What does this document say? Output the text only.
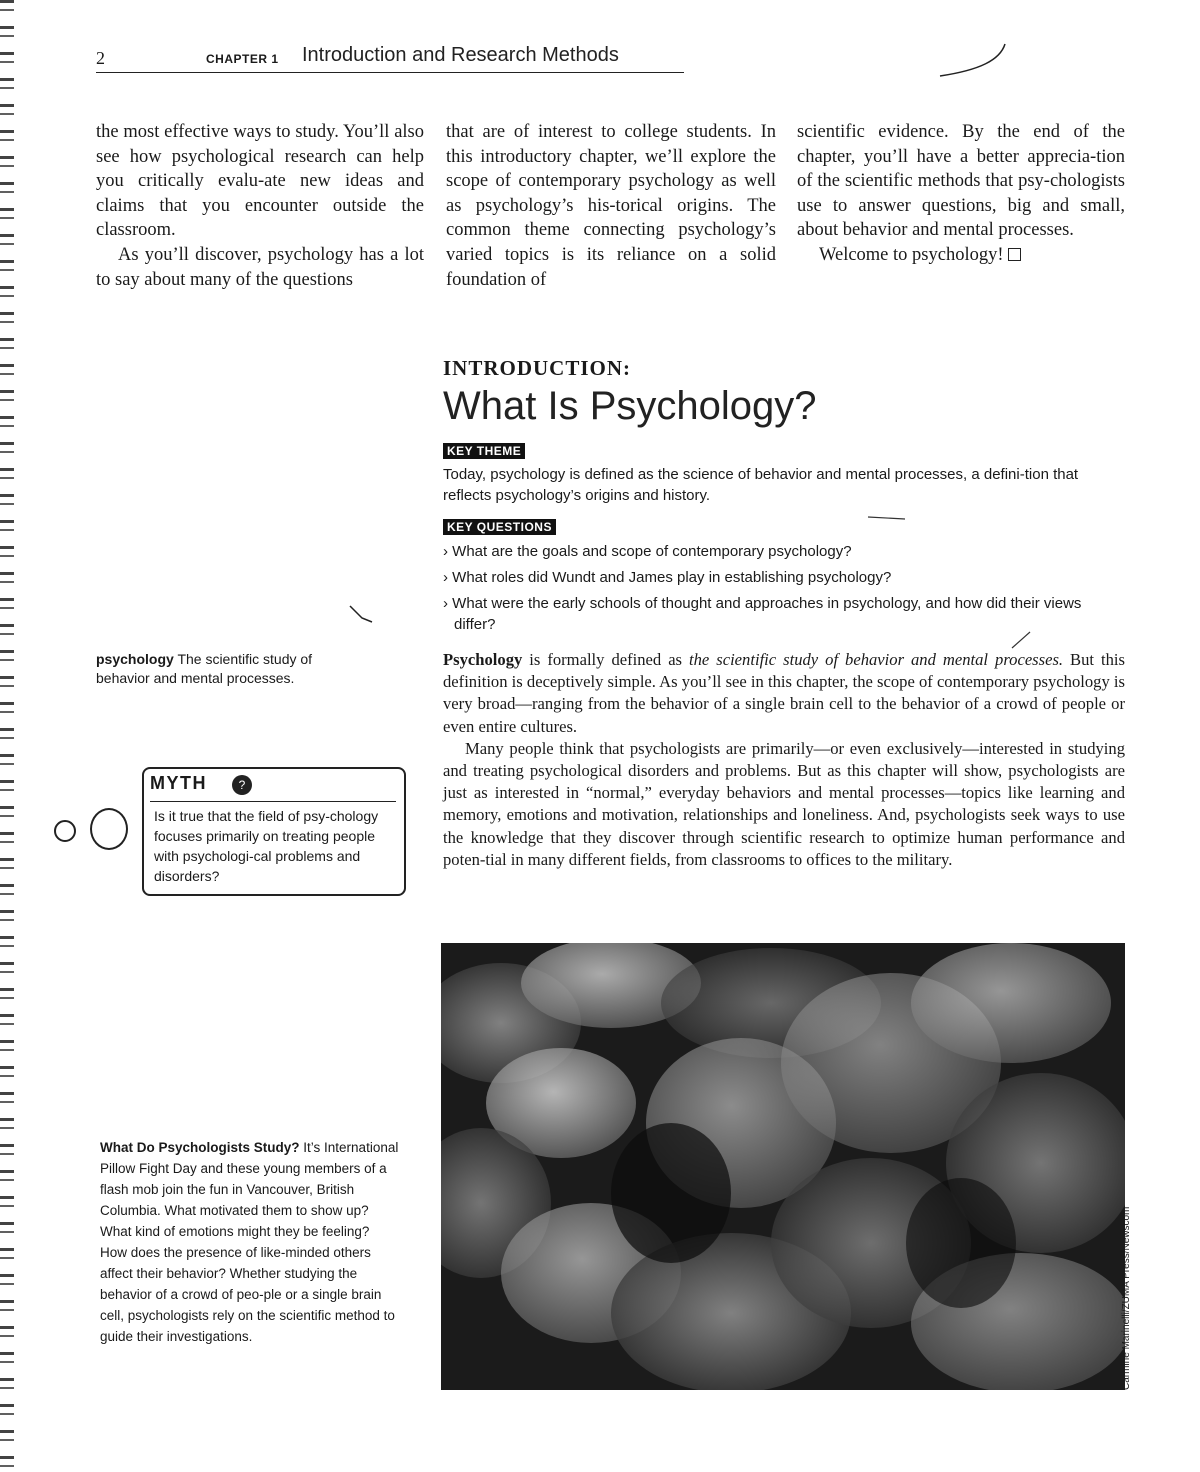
2	CHAPTER 1 Introduction and Research Methods

the most effective ways to study. You’ll also see how psychological research can help you critically evalu-ate new ideas and claims that you encounter outside the classroom.

As you’ll discover, psychology has a lot to say about many of the questions

that are of interest to college students. In this introductory chapter, we’ll explore the scope of contemporary psychology as well as psychology’s his-torical origins. The common theme connecting psychology’s varied topics is its reliance on a solid foundation of

scientific evidence. By the end of the chapter, you’ll have a better apprecia-tion of the scientific methods that psy-chologists use to answer questions, big and small, about behavior and mental processes.

Welcome to psychology!

INTRODUCTION:
What Is Psychology?
KEY THEME
Today, psychology is defined as the science of behavior and mental processes, a defini-tion that reflects psychology’s origins and history.
KEY QUESTIONS
› What are the goals and scope of contemporary psychology?
› What roles did Wundt and James play in establishing psychology?
› What were the early schools of thought and approaches in psychology, and how did their views differ?

Psychology is formally defined as the scientific study of behavior and mental processes. But this definition is deceptively simple. As you’ll see in this chapter, the scope of contemporary psychology is very broad—ranging from the behavior of a single brain cell to the behavior of a crowd of people or even entire cultures.

Many people think that psychologists are primarily—or even exclusively—interested in studying and treating psychological disorders and problems. But as this chapter will show, psychologists are just as interested in “normal,” everyday behaviors and mental processes—topics like learning and memory, emotions and motivation, relationships and loneliness. And, psychologists seek ways to use the knowledge that they discover through scientific research to optimize human performance and poten-tial in many different fields, from classrooms to offices to the military.

psychology The scientific study of behavior and mental processes.
MYTH	?
Is it true that the field of psy-chology focuses primarily on treating people with psychologi-cal problems and disorders?
Carmine Marinelli/ZUMA Press/Newscom
What Do Psychologists Study? It’s International Pillow Fight Day and these young members of a flash mob join the fun in Vancouver, British Columbia. What motivated them to show up? What kind of emotions might they be feeling? How does the presence of like-minded others affect their behavior? Whether studying the behavior of a crowd of peo-ple or a single brain cell, psychologists rely on the scientific method to guide their investigations.
